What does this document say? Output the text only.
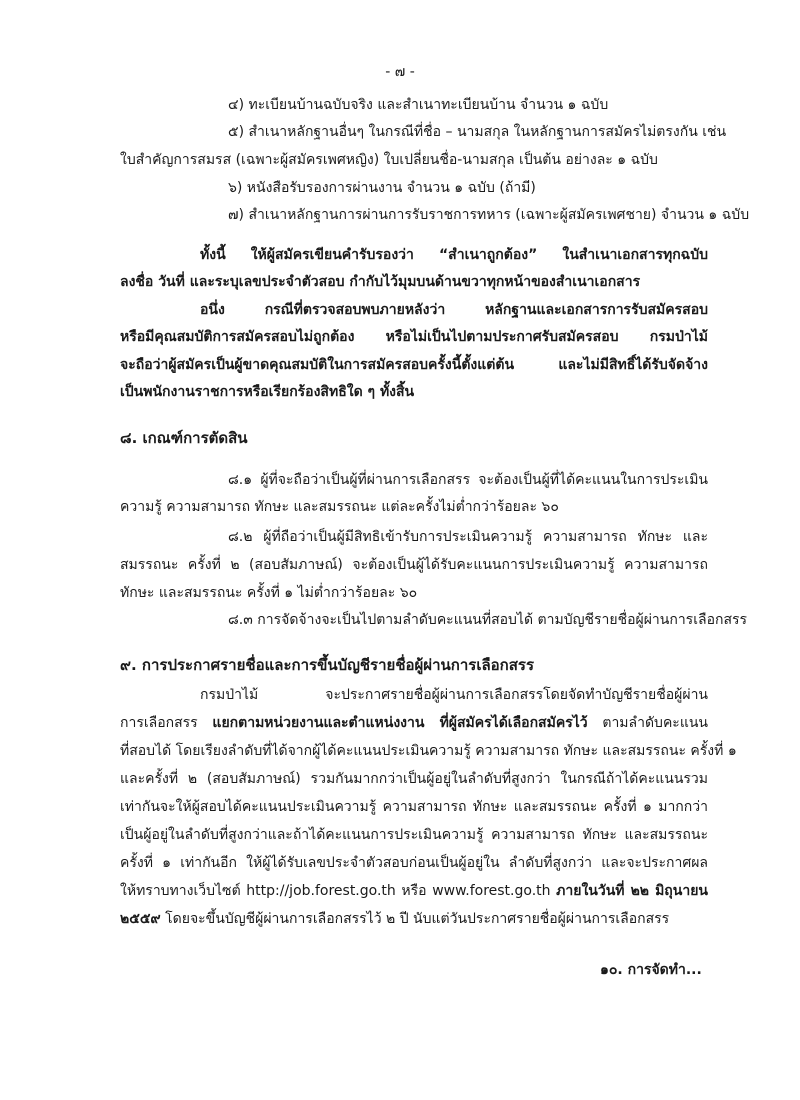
- ๗ -
๔) ทะเบียนบ้านฉบับจริง และสำเนาทะเบียนบ้าน จำนวน ๑ ฉบับ
๕) สำเนาหลักฐานอื่นๆ ในกรณีที่ชื่อ – นามสกุล ในหลักฐานการสมัครไม่ตรงกัน เช่น
ใบสำคัญการสมรส (เฉพาะผู้สมัครเพศหญิง) ใบเปลี่ยนชื่อ-นามสกุล เป็นต้น อย่างละ ๑ ฉบับ
๖) หนังสือรับรองการผ่านงาน จำนวน ๑ ฉบับ (ถ้ามี)
๗) สำเนาหลักฐานการผ่านการรับราชการทหาร (เฉพาะผู้สมัครเพศชาย) จำนวน ๑ ฉบับ
ทั้งนี้ ให้ผู้สมัครเขียนคำรับรองว่า “สำเนาถูกต้อง” ในสำเนาเอกสารทุกฉบับ
ลงชื่อ วันที่ และระบุเลขประจำตัวสอบ กำกับไว้มุมบนด้านขวาทุกหน้าของสำเนาเอกสาร
อนึ่ง กรณีที่ตรวจสอบพบภายหลังว่า หลักฐานและเอกสารการรับสมัครสอบ
หรือมีคุณสมบัติการสมัครสอบไม่ถูกต้อง หรือไม่เป็นไปตามประกาศรับสมัครสอบ กรมป่าไม้
จะถือว่าผู้สมัครเป็นผู้ขาดคุณสมบัติในการสมัครสอบครั้งนี้ตั้งแต่ต้น และไม่มีสิทธิ์ได้รับจัดจ้าง
เป็นพนักงานราชการหรือเรียกร้องสิทธิใด ๆ ทั้งสิ้น
๘. เกณฑ์การตัดสิน
๘.๑ ผู้ที่จะถือว่าเป็นผู้ที่ผ่านการเลือกสรร จะต้องเป็นผู้ที่ได้คะแนนในการประเมิน
ความรู้ ความสามารถ ทักษะ และสมรรถนะ แต่ละครั้งไม่ต่ำกว่าร้อยละ ๖๐
๘.๒ ผู้ที่ถือว่าเป็นผู้มีสิทธิเข้ารับการประเมินความรู้ ความสามารถ ทักษะ และ
สมรรถนะ ครั้งที่ ๒ (สอบสัมภาษณ์) จะต้องเป็นผู้ได้รับคะแนนการประเมินความรู้ ความสามารถ
ทักษะ และสมรรถนะ ครั้งที่ ๑ ไม่ต่ำกว่าร้อยละ ๖๐
๘.๓ การจัดจ้างจะเป็นไปตามลำดับคะแนนที่สอบได้ ตามบัญชีรายชื่อผู้ผ่านการเลือกสรร
๙. การประกาศรายชื่อและการขึ้นบัญชีรายชื่อผู้ผ่านการเลือกสรร
กรมป่าไม้ จะประกาศรายชื่อผู้ผ่านการเลือกสรรโดยจัดทำบัญชีรายชื่อผู้ผ่าน
การเลือกสรร แยกตามหน่วยงานและตำแหน่งงาน ที่ผู้สมัครได้เลือกสมัครไว้ ตามลำดับคะแนน
ที่สอบได้ โดยเรียงลำดับที่ได้จากผู้ได้คะแนนประเมินความรู้ ความสามารถ ทักษะ และสมรรถนะ ครั้งที่ ๑
และครั้งที่ ๒ (สอบสัมภาษณ์) รวมกันมากกว่าเป็นผู้อยู่ในลำดับที่สูงกว่า ในกรณีถ้าได้คะแนนรวม
เท่ากันจะให้ผู้สอบได้คะแนนประเมินความรู้ ความสามารถ ทักษะ และสมรรถนะ ครั้งที่ ๑ มากกว่า
เป็นผู้อยู่ในลำดับที่สูงกว่าและถ้าได้คะแนนการประเมินความรู้ ความสามารถ ทักษะ และสมรรถนะ
ครั้งที่ ๑ เท่ากันอีก ให้ผู้ได้รับเลขประจำตัวสอบก่อนเป็นผู้อยู่ใน ลำดับที่สูงกว่า และจะประกาศผล
ให้ทราบทางเว็บไซต์ http://job.forest.go.th หรือ www.forest.go.th ภายในวันที่ ๒๒ มิถุนายน
๒๕๕๙ โดยจะขึ้นบัญชีผู้ผ่านการเลือกสรรไว้ ๒ ปี นับแต่วันประกาศรายชื่อผู้ผ่านการเลือกสรร
๑๐. การจัดทำ...
